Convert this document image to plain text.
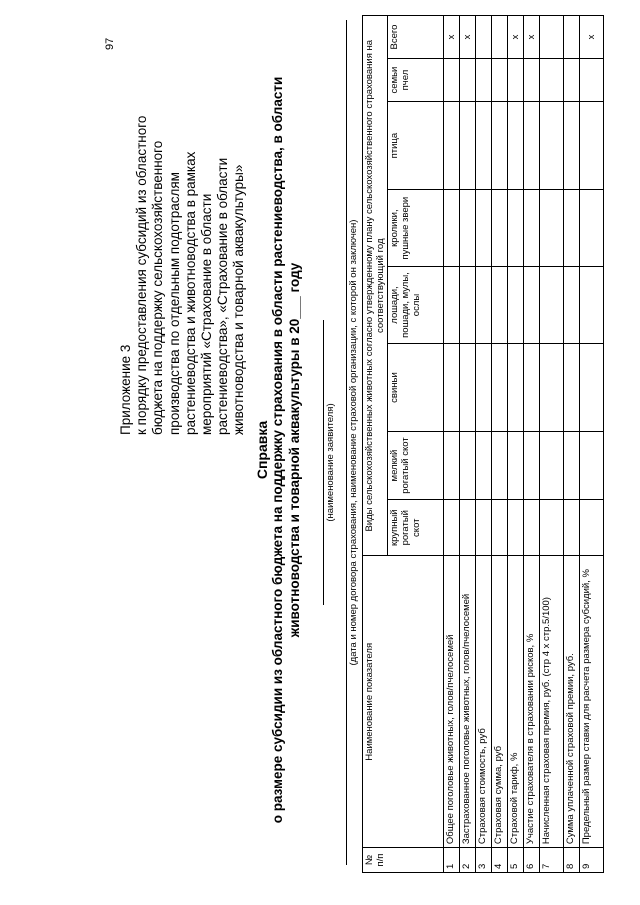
97
Приложение 3 к порядку предоставления субсидий из областного бюджета на поддержку сельскохозяйственного производства по отдельным подотраслям растениеводства и животноводства в рамках мероприятий «Страхование в области растениеводства», «Страхование в области животноводства и товарной аквакультуры»
Справка о размере субсидии из областного бюджета на поддержку страхования в области растениеводства, в области животноводства и товарной аквакультуры в 20___ году (наименование заявителя) (дата и номер договора страхования, наименование страховой организации, с которой он заключен)
№ п/п	Наименование показателя	Виды сельскохозяйственных животных согласно утвержденному плану сельскохозяйственного страхования на соответствующий год							
		крупный рогатый скот	мелкий рогатый скот	свиньи	лошади, пошади, мулы, ослы	кролики, пушные звери	птица	семьи пчел	Всего
1	Общее поголовье животных, голов/пчелосемей								х
2	Застрахованное поголовье животных, голов/пчелосемей								х
3	Страховая стоимость, руб								
4	Страховая сумма, руб								
5	Страховой тариф, %								х
6	Участие страхователя в страховании рисков, %								х
7	Начисленная страховая премия, руб. (стр 4 х стр.5/100)								
8	Сумма уплаченной страховой премии, руб.								
9	Предельный размер ставки для расчета размера субсидий, %								х
